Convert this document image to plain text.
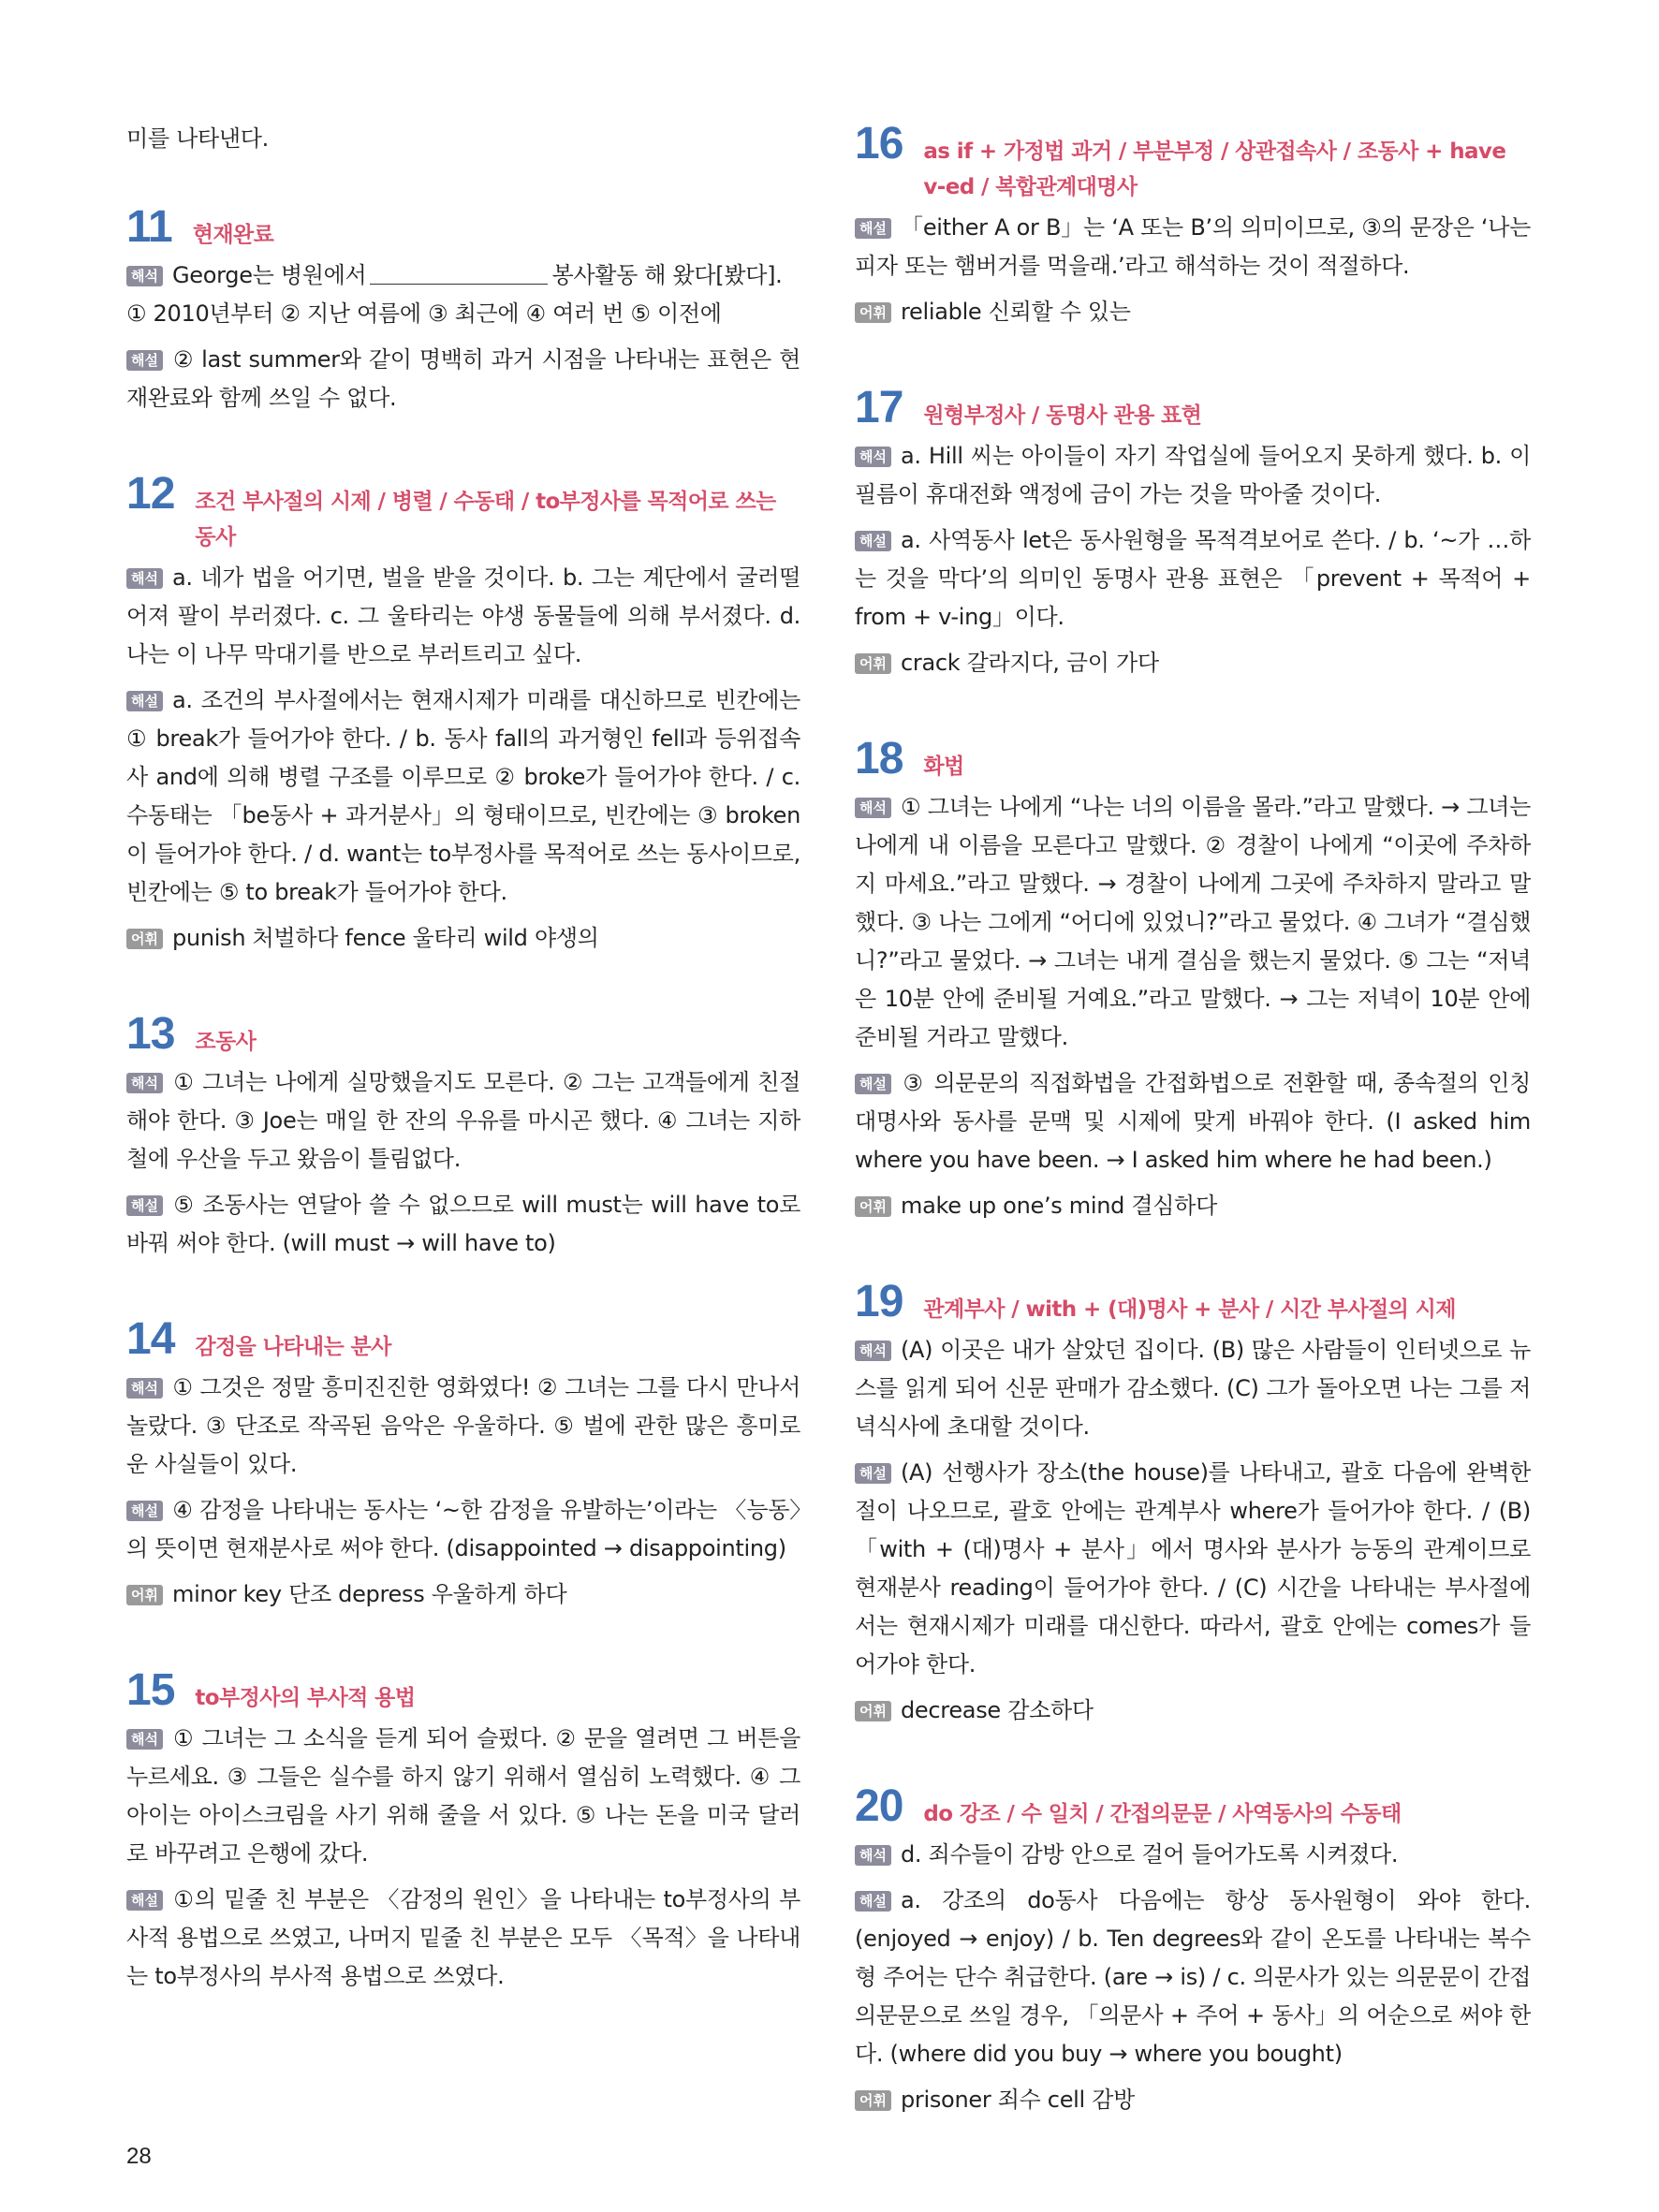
미를 나타낸다.

11 현재완료

해석 George는 병원에서	봉사활동 해 왔다[봤다].
① 2010년부터 ② 지난 여름에 ③ 최근에 ④ 여러 번 ⑤ 이전에

해설 ② last summer와 같이 명백히 과거 시점을 나타내는 표현은 현재완료와 함께 쓰일 수 없다.

12 조건 부사절의 시제 / 병렬 / 수동태 / to부정사를 목적어로 쓰는 동사

해석 a. 네가 법을 어기면, 벌을 받을 것이다. b. 그는 계단에서 굴러떨어져 팔이 부러졌다. c. 그 울타리는 야생 동물들에 의해 부서졌다. d. 나는 이 나무 막대기를 반으로 부러트리고 싶다.

해설 a. 조건의 부사절에서는 현재시제가 미래를 대신하므로 빈칸에는 ① break가 들어가야 한다. / b. 동사 fall의 과거형인 fell과 등위접속사 and에 의해 병렬 구조를 이루므로 ② broke가 들어가야 한다. / c. 수동태는 「be동사 + 과거분사」의 형태이므로, 빈칸에는 ③ broken이 들어가야 한다. / d. want는 to부정사를 목적어로 쓰는 동사이므로, 빈칸에는 ⑤ to break가 들어가야 한다.

어휘 punish 처벌하다 fence 울타리 wild 야생의

13 조동사

해석 ① 그녀는 나에게 실망했을지도 모른다. ② 그는 고객들에게 친절해야 한다. ③ Joe는 매일 한 잔의 우유를 마시곤 했다. ④ 그녀는 지하철에 우산을 두고 왔음이 틀림없다.

해설 ⑤ 조동사는 연달아 쓸 수 없으므로 will must는 will have to로 바꿔 써야 한다. (will must → will have to)

14 감정을 나타내는 분사

해석 ① 그것은 정말 흥미진진한 영화였다! ② 그녀는 그를 다시 만나서 놀랐다. ③ 단조로 작곡된 음악은 우울하다. ⑤ 벌에 관한 많은 흥미로운 사실들이 있다.

해설 ④ 감정을 나타내는 동사는 ‘~한 감정을 유발하는’이라는 〈능동〉의 뜻이면 현재분사로 써야 한다. (disappointed → disappointing)

어휘 minor key 단조 depress 우울하게 하다

15 to부정사의 부사적 용법

해석 ① 그녀는 그 소식을 듣게 되어 슬펐다. ② 문을 열려면 그 버튼을 누르세요. ③ 그들은 실수를 하지 않기 위해서 열심히 노력했다. ④ 그 아이는 아이스크림을 사기 위해 줄을 서 있다. ⑤ 나는 돈을 미국 달러로 바꾸려고 은행에 갔다.

해설 ①의 밑줄 친 부분은 〈감정의 원인〉을 나타내는 to부정사의 부사적 용법으로 쓰였고, 나머지 밑줄 친 부분은 모두 〈목적〉을 나타내는 to부정사의 부사적 용법으로 쓰였다.

16 as if + 가정법 과거 / 부분부정 / 상관접속사 / 조동사 + have v-ed / 복합관계대명사

해설 「either A or B」는 ‘A 또는 B’의 의미이므로, ③의 문장은 ‘나는 피자 또는 햄버거를 먹을래.’라고 해석하는 것이 적절하다.

어휘 reliable 신뢰할 수 있는

17 원형부정사 / 동명사 관용 표현

해석 a. Hill 씨는 아이들이 자기 작업실에 들어오지 못하게 했다. b. 이 필름이 휴대전화 액정에 금이 가는 것을 막아줄 것이다.

해설 a. 사역동사 let은 동사원형을 목적격보어로 쓴다. / b. ‘~가 …하는 것을 막다’의 의미인 동명사 관용 표현은 「prevent + 목적어 + from + v-ing」이다.

어휘 crack 갈라지다, 금이 가다

18 화법

해석 ① 그녀는 나에게 “나는 너의 이름을 몰라.”라고 말했다. → 그녀는 나에게 내 이름을 모른다고 말했다. ② 경찰이 나에게 “이곳에 주차하지 마세요.”라고 말했다. → 경찰이 나에게 그곳에 주차하지 말라고 말했다. ③ 나는 그에게 “어디에 있었니?”라고 물었다. ④ 그녀가 “결심했니?”라고 물었다. → 그녀는 내게 결심을 했는지 물었다. ⑤ 그는 “저녁은 10분 안에 준비될 거예요.”라고 말했다. → 그는 저녁이 10분 안에 준비될 거라고 말했다.

해설 ③ 의문문의 직접화법을 간접화법으로 전환할 때, 종속절의 인칭대명사와 동사를 문맥 및 시제에 맞게 바꿔야 한다. (I asked him where you have been. → I asked him where he had been.)

어휘 make up one’s mind 결심하다

19 관계부사 / with + (대)명사 + 분사 / 시간 부사절의 시제

해석 (A) 이곳은 내가 살았던 집이다. (B) 많은 사람들이 인터넷으로 뉴스를 읽게 되어 신문 판매가 감소했다. (C) 그가 돌아오면 나는 그를 저녁식사에 초대할 것이다.

해설 (A) 선행사가 장소(the house)를 나타내고, 괄호 다음에 완벽한 절이 나오므로, 괄호 안에는 관계부사 where가 들어가야 한다. / (B) 「with + (대)명사 + 분사」에서 명사와 분사가 능동의 관계이므로 현재분사 reading이 들어가야 한다. / (C) 시간을 나타내는 부사절에서는 현재시제가 미래를 대신한다. 따라서, 괄호 안에는 comes가 들어가야 한다.

어휘 decrease 감소하다

20 do 강조 / 수 일치 / 간접의문문 / 사역동사의 수동태

해석 d. 죄수들이 감방 안으로 걸어 들어가도록 시켜졌다.

해설 a. 강조의 do동사 다음에는 항상 동사원형이 와야 한다. (enjoyed → enjoy) / b. Ten degrees와 같이 온도를 나타내는 복수형 주어는 단수 취급한다. (are → is) / c. 의문사가 있는 의문문이 간접의문문으로 쓰일 경우, 「의문사 + 주어 + 동사」의 어순으로 써야 한다. (where did you buy → where you bought)

어휘 prisoner 죄수 cell 감방

28
